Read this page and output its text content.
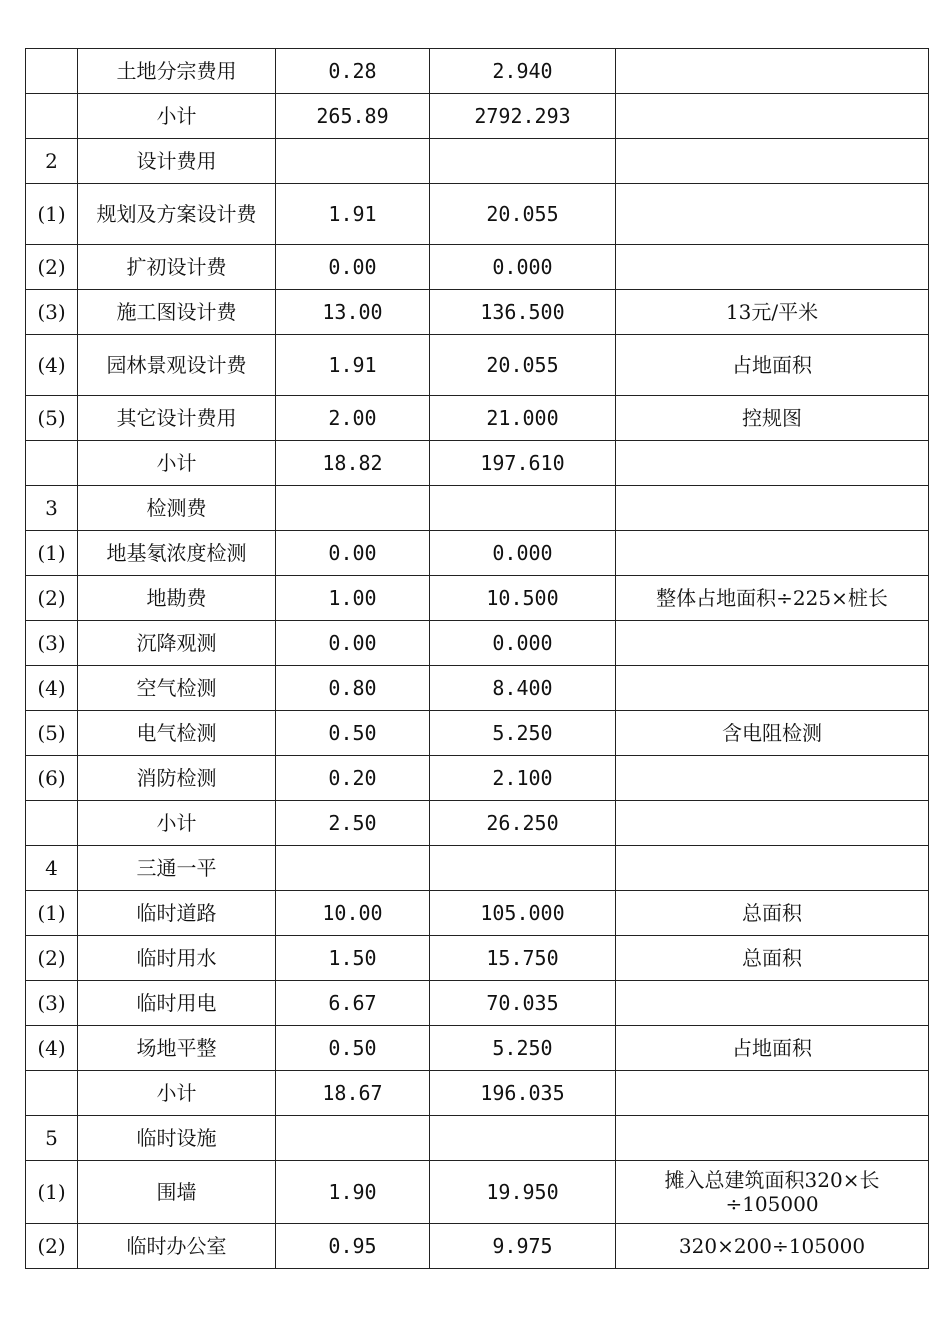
	土地分宗费用	0.28	2.940	
	小计	265.89	2792.293	
2	设计费用			
(1)	规划及方案设计费	1.91	20.055	
(2)	扩初设计费	0.00	0.000	
(3)	施工图设计费	13.00	136.500	13元/平米
(4)	园林景观设计费	1.91	20.055	占地面积
(5)	其它设计费用	2.00	21.000	控规图
	小计	18.82	197.610	
3	检测费			
(1)	地基氡浓度检测	0.00	0.000	
(2)	地勘费	1.00	10.500	整体占地面积÷225×桩长
(3)	沉降观测	0.00	0.000	
(4)	空气检测	0.80	8.400	
(5)	电气检测	0.50	5.250	含电阻检测
(6)	消防检测	0.20	2.100	
	小计	2.50	26.250	
4	三通一平			
(1)	临时道路	10.00	105.000	总面积
(2)	临时用水	1.50	15.750	总面积
(3)	临时用电	6.67	70.035	
(4)	场地平整	0.50	5.250	占地面积
	小计	18.67	196.035	
5	临时设施			
(1)	围墙	1.90	19.950	摊入总建筑面积320×长÷105000
(2)	临时办公室	0.95	9.975	320×200÷105000
